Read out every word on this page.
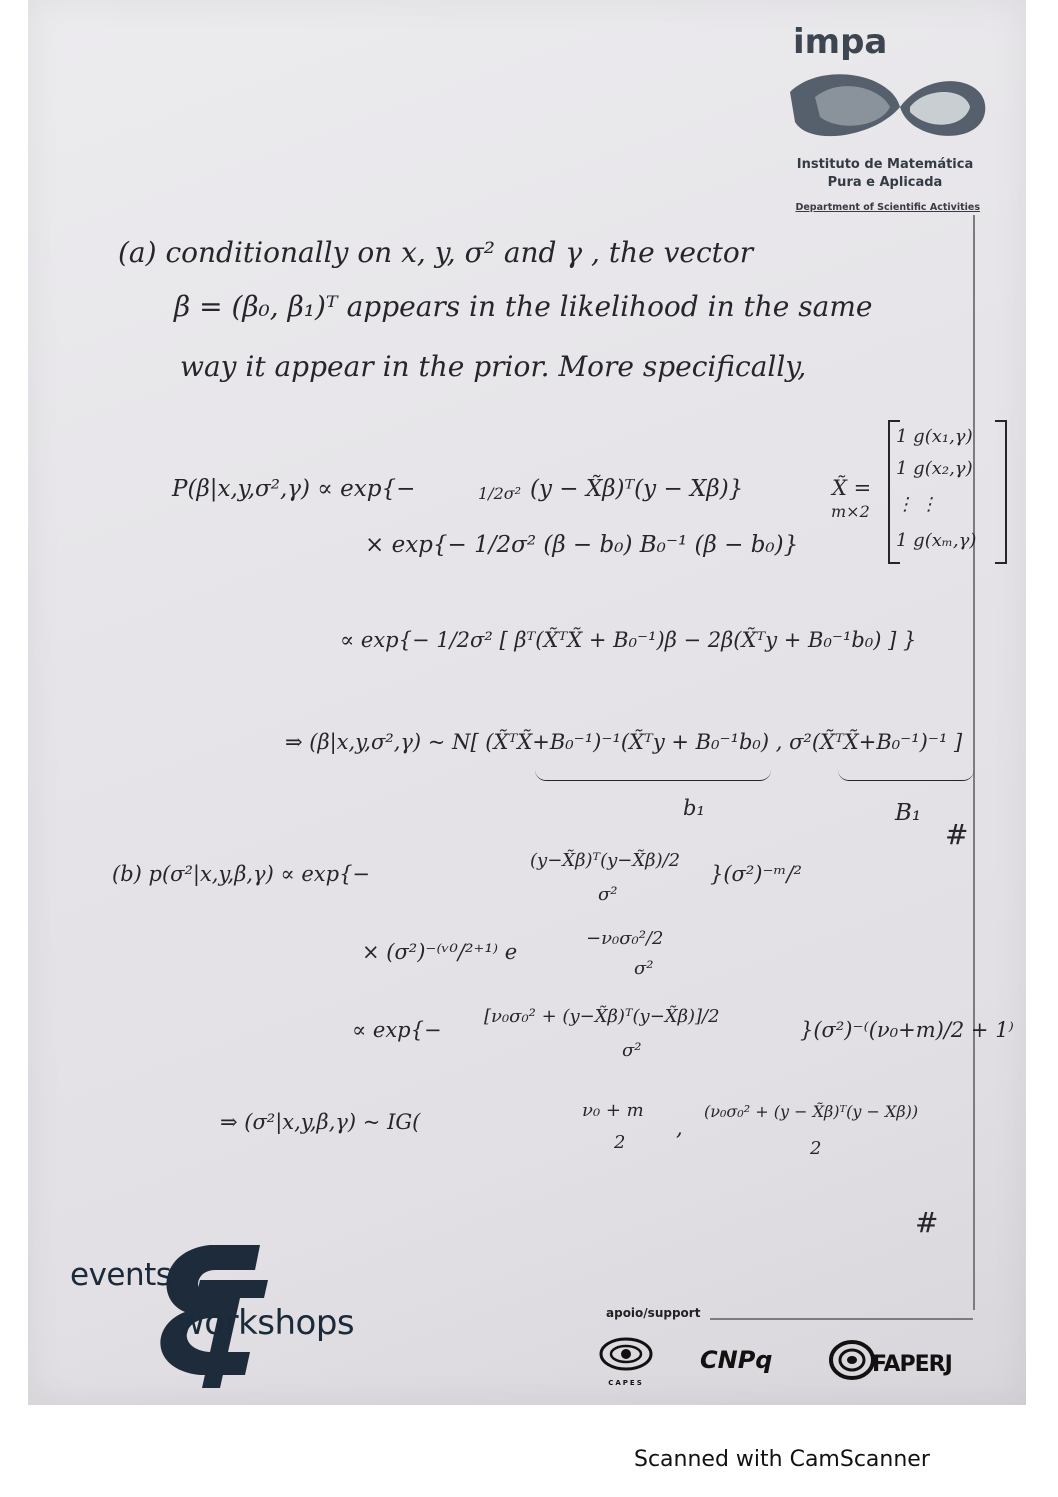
impa
Instituto de Matemática
Pura e Aplicada
Department of Scientific Activities
(a) conditionally on x, y, σ² and γ , the vector
β = (β₀, β₁)ᵀ appears in the likelihood in the same
way it appear in the prior. More specifically,
P(β|x,y,σ²,γ) ∝ exp{−	1/2σ² (y − X̃β)ᵀ(y − Xβ)}
× exp{− 1/2σ² (β − b₀) B₀⁻¹ (β − b₀)}
X̃ =
m×2
1 g(x₁,γ)
1 g(x₂,γ)
⋮ ⋮
1 g(xₘ,γ)
∝ exp{− 1/2σ² [ βᵀ(X̃ᵀX̃ + B₀⁻¹)β − 2β(X̃ᵀy + B₀⁻¹b₀) ] }
⇒ (β|x,y,σ²,γ) ~ N[ (X̃ᵀX̃+B₀⁻¹)⁻¹(X̃ᵀy + B₀⁻¹b₀) , σ²(X̃ᵀX̃+B₀⁻¹)⁻¹ ]
b₁	B₁
#
(b) p(σ²|x,y,β,γ) ∝ exp{−
(y−X̃β)ᵀ(y−X̃β)/2
σ²
}(σ²)⁻ᵐ/²
× (σ²)⁻⁽ᵛ⁰/²⁺¹⁾ e
−ν₀σ₀²/2
σ²
∝ exp{−
[ν₀σ₀² + (y−X̃β)ᵀ(y−X̃β)]/2
σ²
}(σ²)⁻⁽(ν₀+m)/2 + 1⁾
⇒ (σ²|x,y,β,γ) ~ IG(	ν₀ + m
2
,
(ν₀σ₀² + (y − X̃β)ᵀ(y − Xβ))
2
#
events
workshops	apoio/support
CAPES
CNPq	FAPERJ
Scanned with CamScanner
